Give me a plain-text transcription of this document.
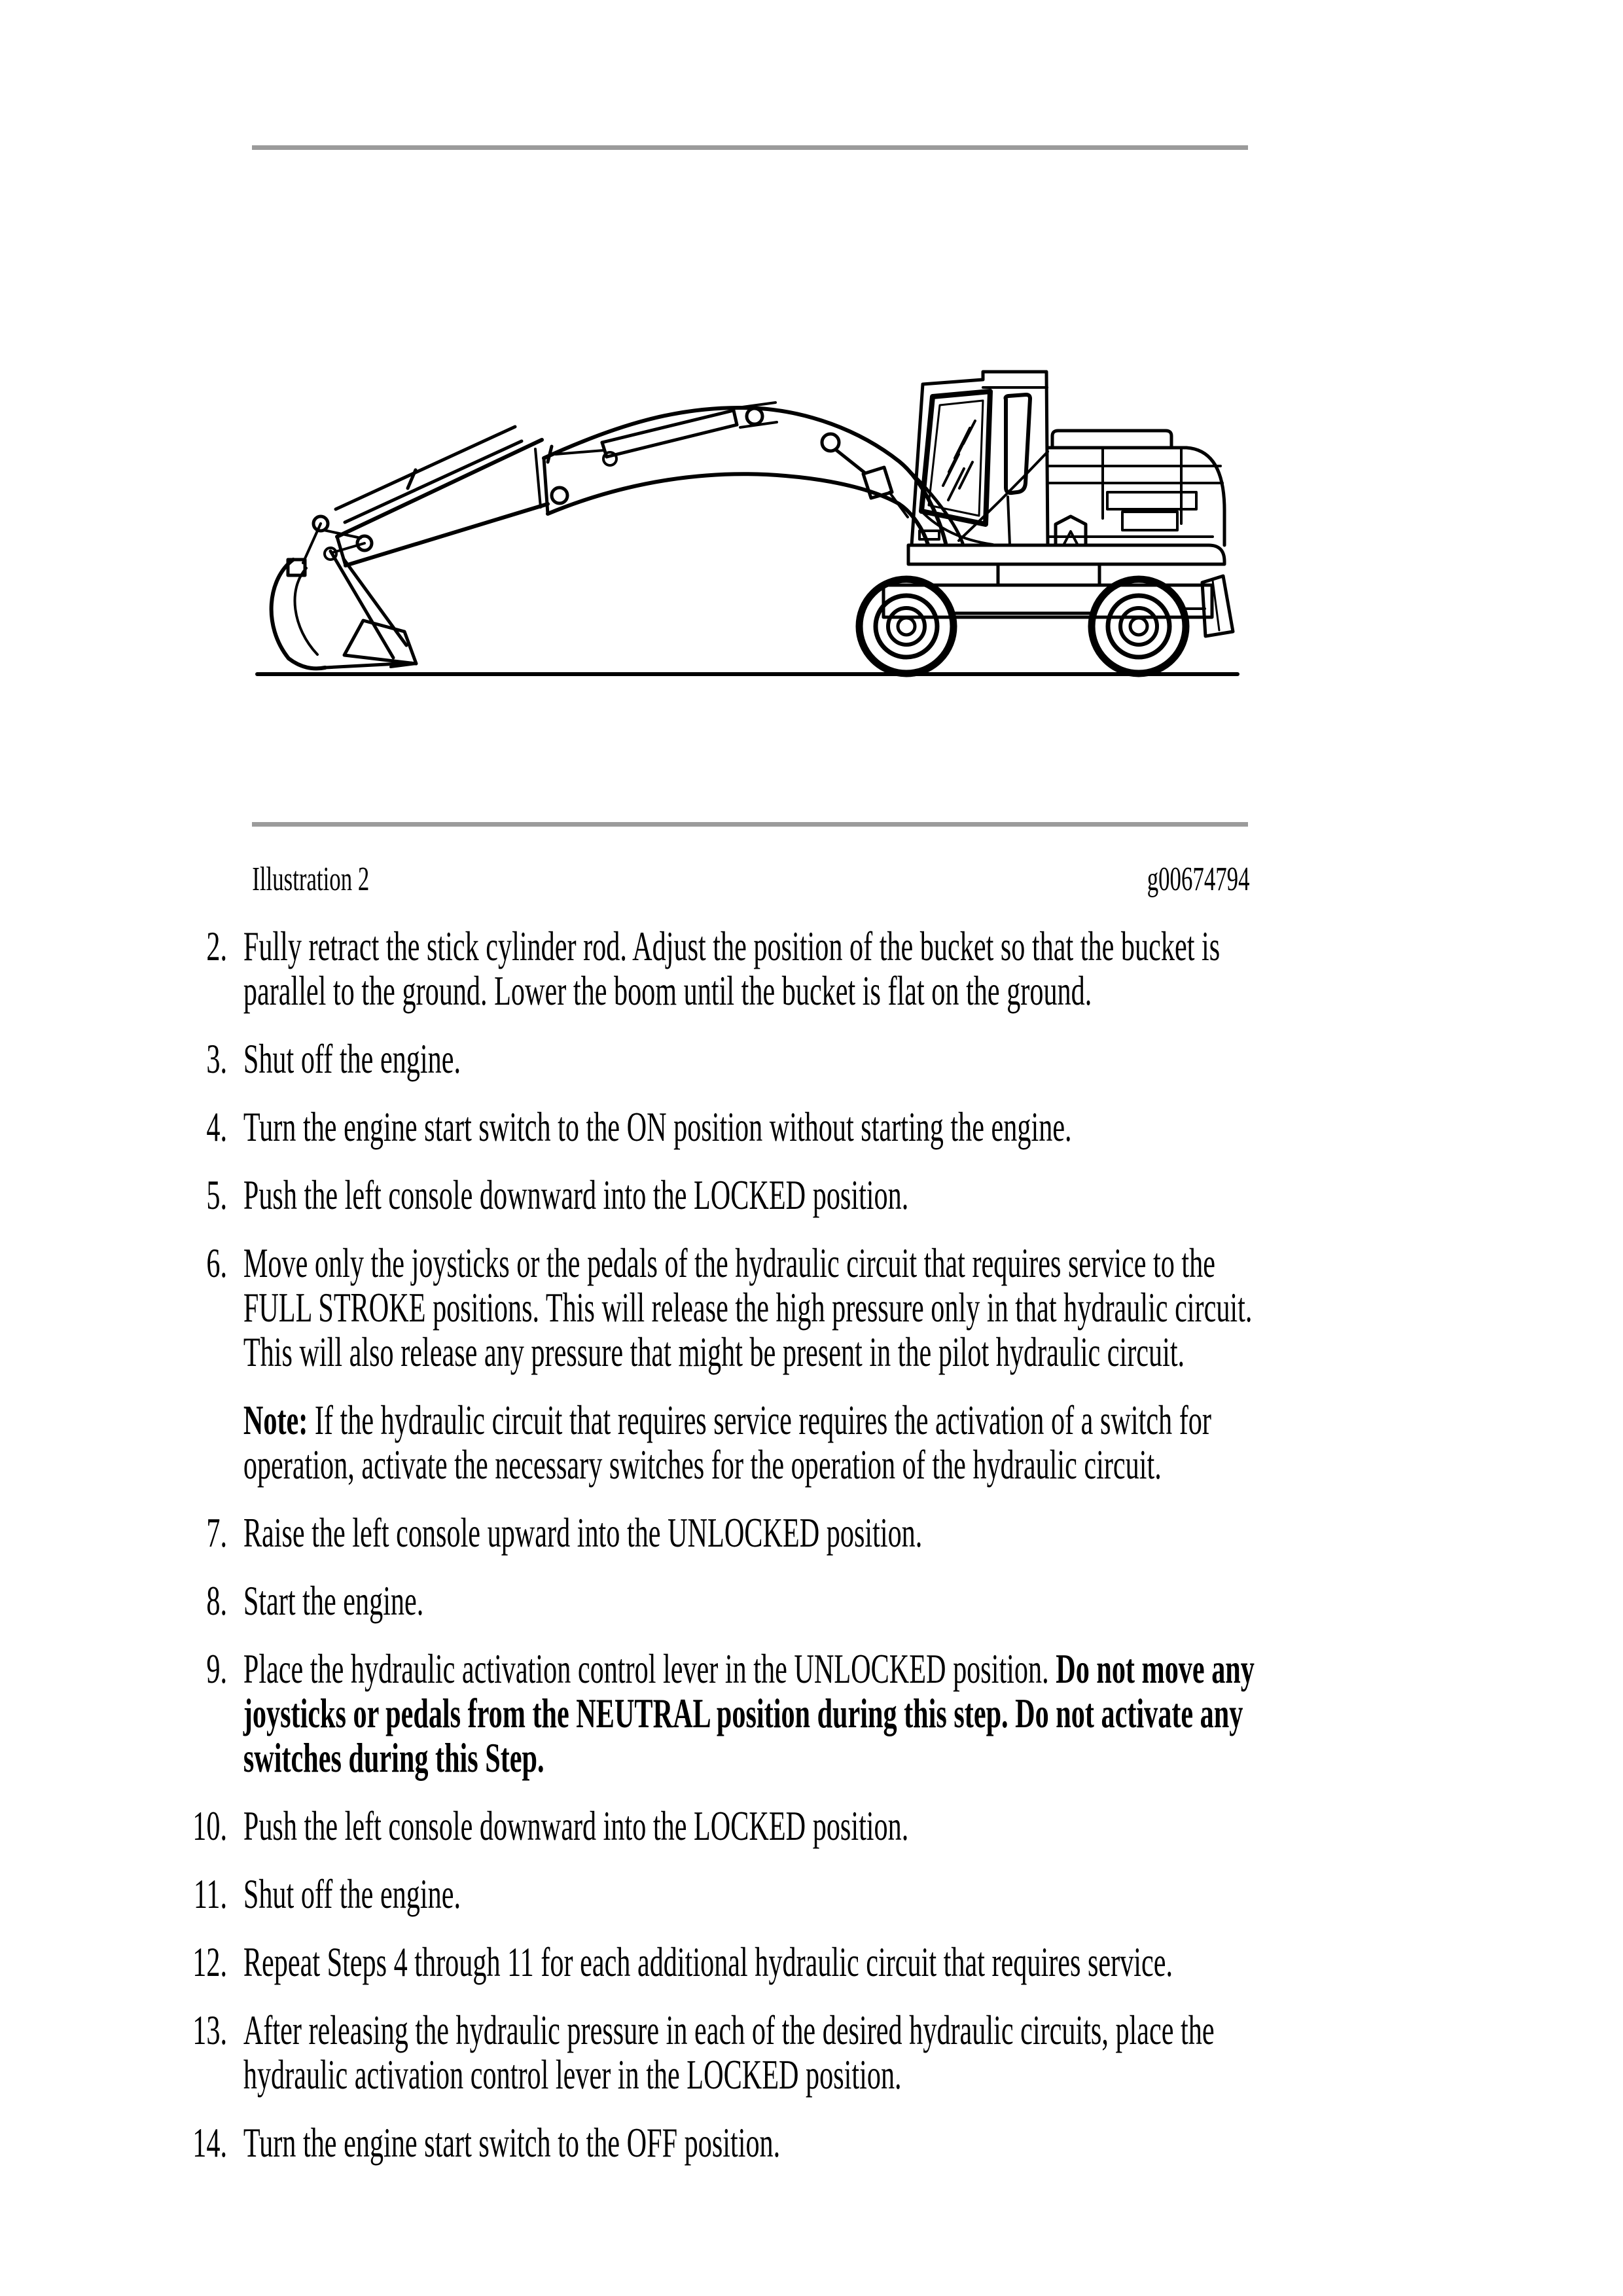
Illustration 2	g00674794
2. Fully retract the stick cylinder rod. Adjust the position of the bucket so that the bucket is
parallel to the ground. Lower the boom until the bucket is flat on the ground.
3. Shut off the engine.
4. Turn the engine start switch to the ON position without starting the engine.
5. Push the left console downward into the LOCKED position.
6. Move only the joysticks or the pedals of the hydraulic circuit that requires service to the
FULL STROKE positions. This will release the high pressure only in that hydraulic circuit.
This will also release any pressure that might be present in the pilot hydraulic circuit.
Note: If the hydraulic circuit that requires service requires the activation of a switch for
operation, activate the necessary switches for the operation of the hydraulic circuit.
7. Raise the left console upward into the UNLOCKED position.
8. Start the engine.
9. Place the hydraulic activation control lever in the UNLOCKED position. Do not move any
joysticks or pedals from the NEUTRAL position during this step. Do not activate any
switches during this Step.
10. Push the left console downward into the LOCKED position.
11. Shut off the engine.
12. Repeat Steps 4 through 11 for each additional hydraulic circuit that requires service.
13. After releasing the hydraulic pressure in each of the desired hydraulic circuits, place the
hydraulic activation control lever in the LOCKED position.
14. Turn the engine start switch to the OFF position.
